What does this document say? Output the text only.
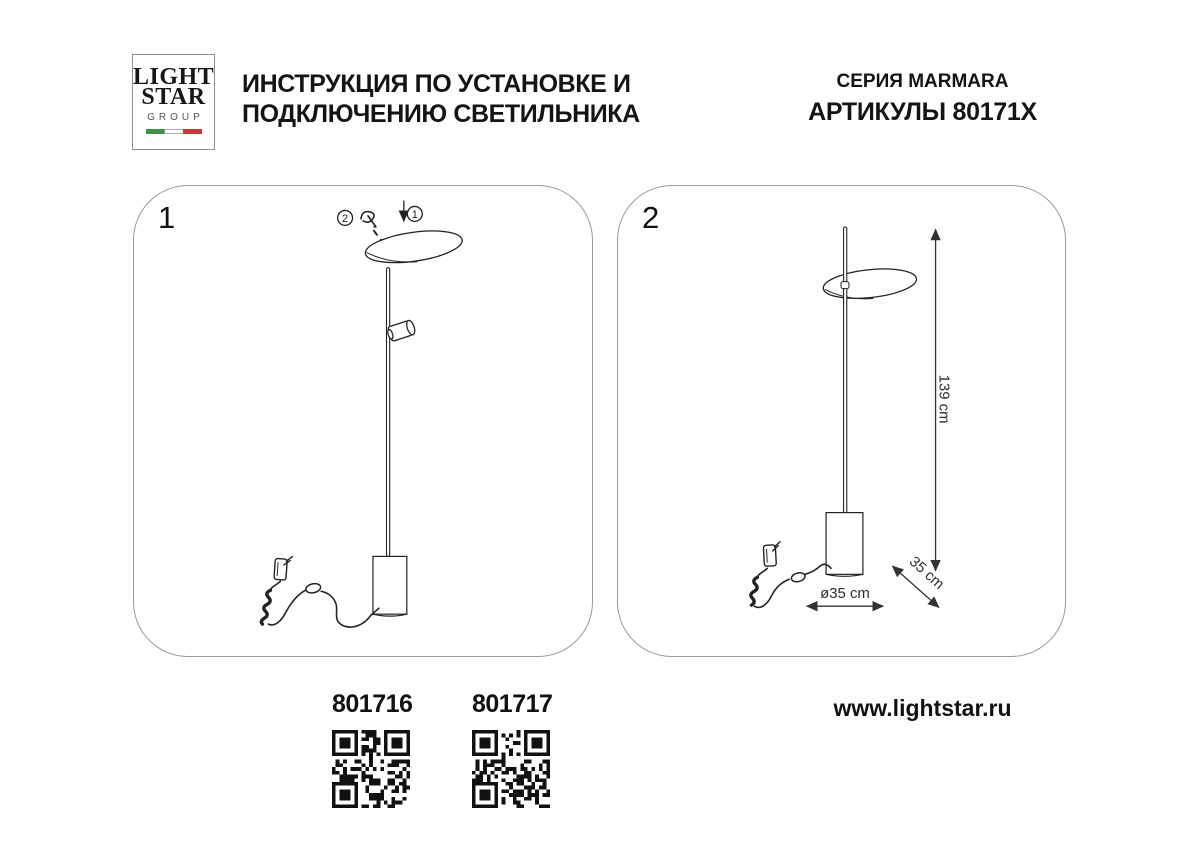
LIGHT
STAR
GROUP
ИНСТРУКЦИЯ ПО УСТАНОВКЕ И
ПОДКЛЮЧЕНИЮ СВЕТИЛЬНИКА
СЕРИЯ MARMARA
АРТИКУЛЫ 80171X
1	1
2	2
139 cm
ø35 cm
35 cm
801716 801717	www.lightstar.ru
